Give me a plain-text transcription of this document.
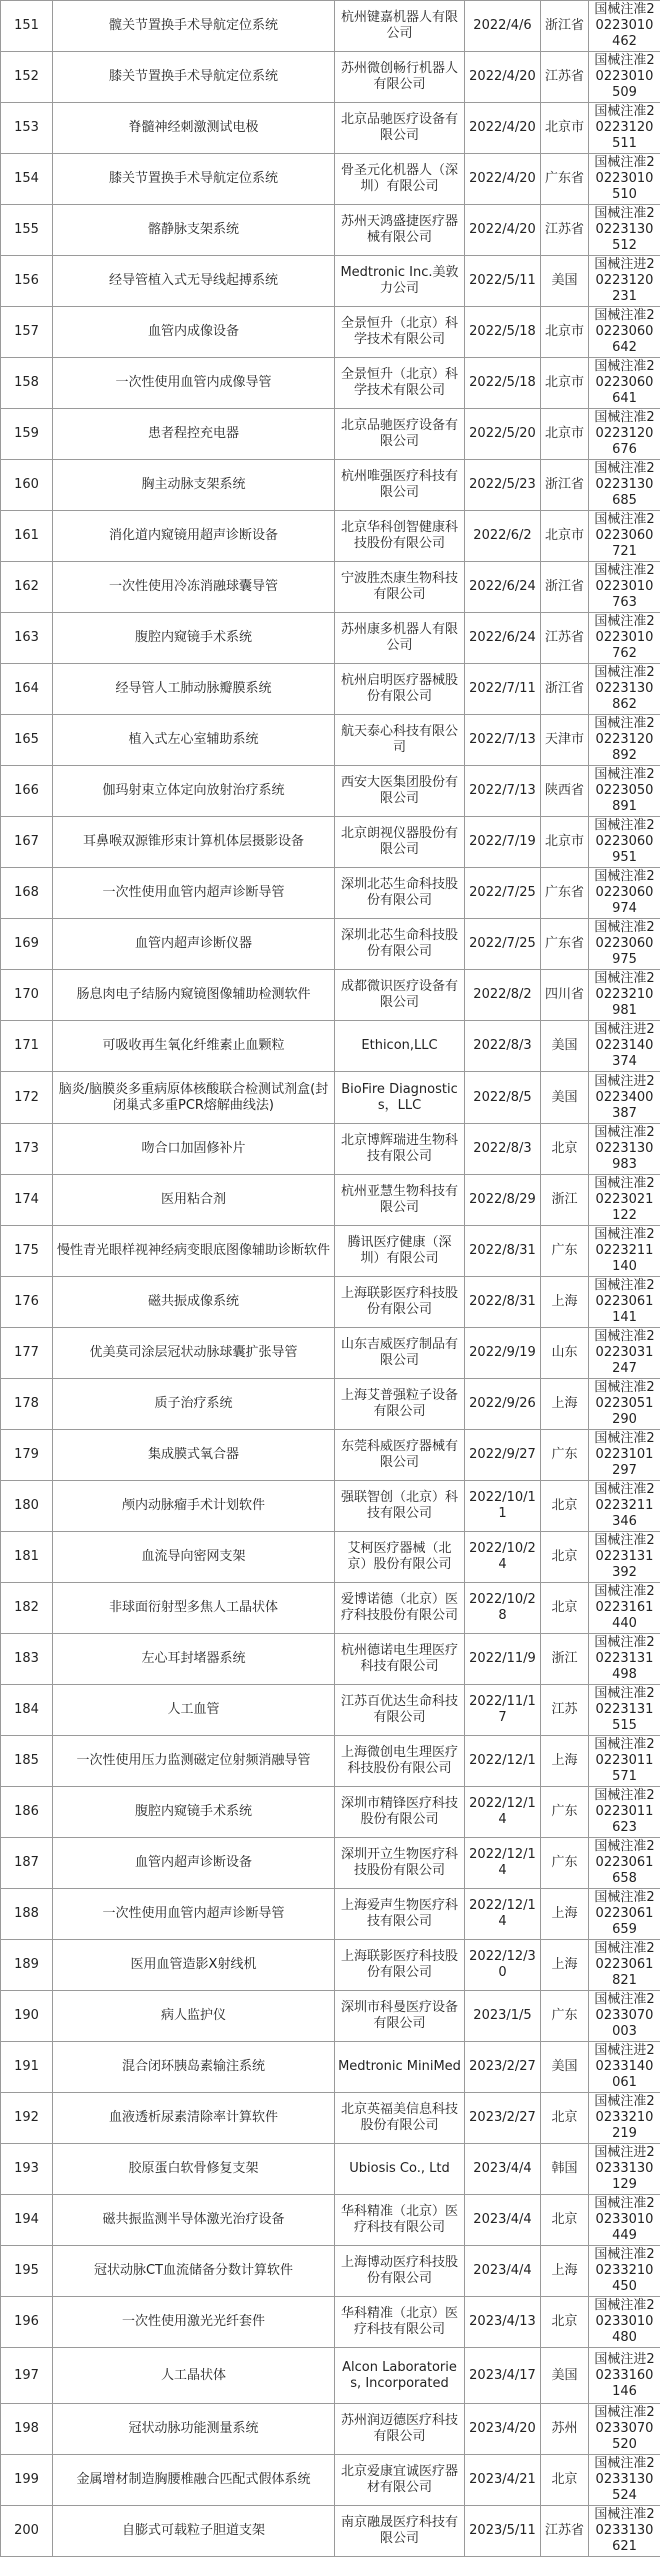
151	髋关节置换手术导航定位系统	杭州键嘉机器人有限公司	2022/4/6	浙江省	国械注准20223010462
152	膝关节置换手术导航定位系统	苏州微创畅行机器人有限公司	2022/4/20	江苏省	国械注准20223010509
153	脊髓神经刺激测试电极	北京品驰医疗设备有限公司	2022/4/20	北京市	国械注准20223120511
154	膝关节置换手术导航定位系统	骨圣元化机器人（深圳）有限公司	2022/4/20	广东省	国械注准20223010510
155	髂静脉支架系统	苏州天鸿盛捷医疗器械有限公司	2022/4/20	江苏省	国械注准20223130512
156	经导管植入式无导线起搏系统	Medtronic Inc.美敦力公司	2022/5/11	美国	国械注进20223120231
157	血管内成像设备	全景恒升（北京）科学技术有限公司	2022/5/18	北京市	国械注准20223060642
158	一次性使用血管内成像导管	全景恒升（北京）科学技术有限公司	2022/5/18	北京市	国械注准20223060641
159	患者程控充电器	北京品驰医疗设备有限公司	2022/5/20	北京市	国械注准20223120676
160	胸主动脉支架系统	杭州唯强医疗科技有限公司	2022/5/23	浙江省	国械注准20223130685
161	消化道内窥镜用超声诊断设备	北京华科创智健康科技股份有限公司	2022/6/2	北京市	国械注准20223060721
162	一次性使用冷冻消融球囊导管	宁波胜杰康生物科技有限公司	2022/6/24	浙江省	国械注准20223010763
163	腹腔内窥镜手术系统	苏州康多机器人有限公司	2022/6/24	江苏省	国械注准20223010762
164	经导管人工肺动脉瓣膜系统	杭州启明医疗器械股份有限公司	2022/7/11	浙江省	国械注准20223130862
165	植入式左心室辅助系统	航天泰心科技有限公司	2022/7/13	天津市	国械注准20223120892
166	伽玛射束立体定向放射治疗系统	西安大医集团股份有限公司	2022/7/13	陕西省	国械注准20223050891
167	耳鼻喉双源锥形束计算机体层摄影设备	北京朗视仪器股份有限公司	2022/7/19	北京市	国械注准20223060951
168	一次性使用血管内超声诊断导管	深圳北芯生命科技股份有限公司	2022/7/25	广东省	国械注准20223060974
169	血管内超声诊断仪器	深圳北芯生命科技股份有限公司	2022/7/25	广东省	国械注准20223060975
170	肠息肉电子结肠内窥镜图像辅助检测软件	成都微识医疗设备有限公司	2022/8/2	四川省	国械注准20223210981
171	可吸收再生氧化纤维素止血颗粒	Ethicon,LLC	2022/8/3	美国	国械注进20223140374
172	脑炎/脑膜炎多重病原体核酸联合检测试剂盒(封闭巢式多重PCR熔解曲线法)	BioFire Diagnostics，LLC	2022/8/5	美国	国械注进20223400387
173	吻合口加固修补片	北京博辉瑞进生物科技有限公司	2022/8/3	北京	国械注准20223130983
174	医用粘合剂	杭州亚慧生物科技有限公司	2022/8/29	浙江	国械注准20223021122
175	慢性青光眼样视神经病变眼底图像辅助诊断软件	腾讯医疗健康（深圳）有限公司	2022/8/31	广东	国械注准20223211140
176	磁共振成像系统	上海联影医疗科技股份有限公司	2022/8/31	上海	国械注准20223061141
177	优美莫司涂层冠状动脉球囊扩张导管	山东吉威医疗制品有限公司	2022/9/19	山东	国械注准20223031247
178	质子治疗系统	上海艾普强粒子设备有限公司	2022/9/26	上海	国械注准20223051290
179	集成膜式氧合器	东莞科威医疗器械有限公司	2022/9/27	广东	国械注准20223101297
180	颅内动脉瘤手术计划软件	强联智创（北京）科技有限公司	2022/10/11	北京	国械注准20223211346
181	血流导向密网支架	艾柯医疗器械（北京）股份有限公司	2022/10/24	北京	国械注准20223131392
182	非球面衍射型多焦人工晶状体	爱博诺德（北京）医疗科技股份有限公司	2022/10/28	北京	国械注准20223161440
183	左心耳封堵器系统	杭州德诺电生理医疗科技有限公司	2022/11/9	浙江	国械注准20223131498
184	人工血管	江苏百优达生命科技有限公司	2022/11/17	江苏	国械注准20223131515
185	一次性使用压力监测磁定位射频消融导管	上海微创电生理医疗科技股份有限公司	2022/12/1	上海	国械注准20223011571
186	腹腔内窥镜手术系统	深圳市精锋医疗科技股份有限公司	2022/12/14	广东	国械注准20223011623
187	血管内超声诊断设备	深圳开立生物医疗科技股份有限公司	2022/12/14	广东	国械注准20223061658
188	一次性使用血管内超声诊断导管	上海爱声生物医疗科技有限公司	2022/12/14	上海	国械注准20223061659
189	医用血管造影X射线机	上海联影医疗科技股份有限公司	2022/12/30	上海	国械注准20223061821
190	病人监护仪	深圳市科曼医疗设备有限公司	2023/1/5	广东	国械注准20233070003
191	混合闭环胰岛素输注系统	Medtronic MiniMed	2023/2/27	美国	国械注进20233140061
192	血液透析尿素清除率计算软件	北京英福美信息科技股份有限公司	2023/2/27	北京	国械注准20233210219
193	胶原蛋白软骨修复支架	Ubiosis Co., Ltd	2023/4/4	韩国	国械注进20233130129
194	磁共振监测半导体激光治疗设备	华科精准（北京）医疗科技有限公司	2023/4/4	北京	国械注准20233010449
195	冠状动脉CT血流储备分数计算软件	上海博动医疗科技股份有限公司	2023/4/4	上海	国械注准20233210450
196	一次性使用激光光纤套件	华科精准（北京）医疗科技有限公司	2023/4/13	北京	国械注准20233010480
197	人工晶状体	Alcon Laboratories, Incorporated	2023/4/17	美国	国械注进20233160146
198	冠状动脉功能测量系统	苏州润迈德医疗科技有限公司	2023/4/20	苏州	国械注准20233070520
199	金属增材制造胸腰椎融合匹配式假体系统	北京爱康宜诚医疗器材有限公司	2023/4/21	北京	国械注准20233130524
200	自膨式可载粒子胆道支架	南京融晟医疗科技有限公司	2023/5/11	江苏省	国械注准20233130621
